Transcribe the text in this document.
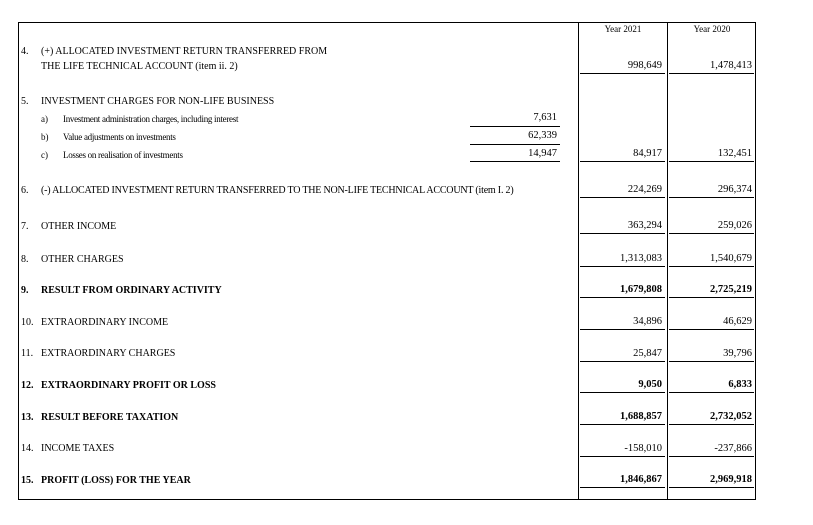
Year 2021	Year 2020
4. (+) ALLOCATED INVESTMENT RETURN TRANSFERRED FROM
THE LIFE TECHNICAL ACCOUNT (item ii. 2)	998,649	1,478,413
5. INVESTMENT CHARGES FOR NON-LIFE BUSINESS
a) Investment administration charges, including interest	7,631
b) Value adjustments on investments	62,339
c) Losses on realisation of investments	14,947	84,917	132,451
6. (-) ALLOCATED INVESTMENT RETURN TRANSFERRED TO THE NON-LIFE TECHNICAL ACCOUNT (item I. 2)	224,269	296,374
7. OTHER INCOME	363,294	259,026
8. OTHER CHARGES	1,313,083	1,540,679
9. RESULT FROM ORDINARY ACTIVITY	1,679,808	2,725,219
10. EXTRAORDINARY INCOME	34,896	46,629
11. EXTRAORDINARY CHARGES	25,847	39,796
12. EXTRAORDINARY PROFIT OR LOSS	9,050	6,833
13. RESULT BEFORE TAXATION	1,688,857	2,732,052
14. INCOME TAXES	-158,010	-237,866
15. PROFIT (LOSS) FOR THE YEAR	1,846,867	2,969,918
